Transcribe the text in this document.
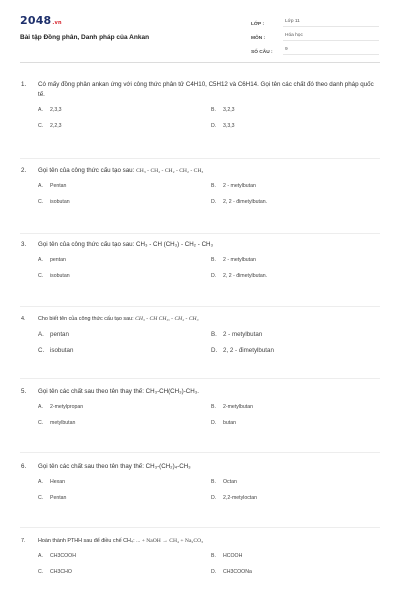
2048.vn
Bài tập Đồng phân, Danh pháp của Ankan
LỚP :
Lớp 11
MÔN :
Hóa học
SỐ CÂU :
9
1.	Có mấy đồng phân ankan ứng với công thức phân tử C4H10, C5H12 và C6H14. Gọi tên các chất đó theo danh pháp quốc tế.
A.	2,3,3	B.	3,2,3
C.	2,2,3	D.	3,3,3
2.	Gọi tên của công thức cấu tạo sau: CH₃ - CH₂ - CH₂ - CH₂ - CH₃
A.	Pentan	B.	2 - metylbutan
C.	isobutan	D.	2, 2 - đimetylbutan.
3.	Gọi tên của công thức cấu tạo sau: CH₃ - CH (CH₃) - CH₂ - CH₃
A.	pentan	B.	2 - metylbutan
C.	isobutan	D.	2, 2 - đimetylbutan.
4.	Cho biết tên của công thức cấu tạo sau: CH₃ - CH CH₃, - CH₂ - CH₃
A. pentan	B. 2 - metylbutan
C. isobutan	D. 2, 2 - đimetylbutan
5.	Gọi tên các chất sau theo tên thay thế: CH₃-CH(CH₃)-CH₃.
A.	2-metylpropan	B.	2-metylbutan
C.	metylbutan	D.	butan
6.	Gọi tên các chất sau theo tên thay thế: CH₃-(CH₂)₄-CH₃
A.	Hexan	B.	Octan
C.	Pentan	D.	2,2-metyloctan
7.	Hoàn thành PTHH sau để điều chế CH₄: ... + NaOH → CH₄ + Na₂CO₃
A.	CH3COOH	B.	HCOOH
C.	CH3CHO	D.	CH3COONa
